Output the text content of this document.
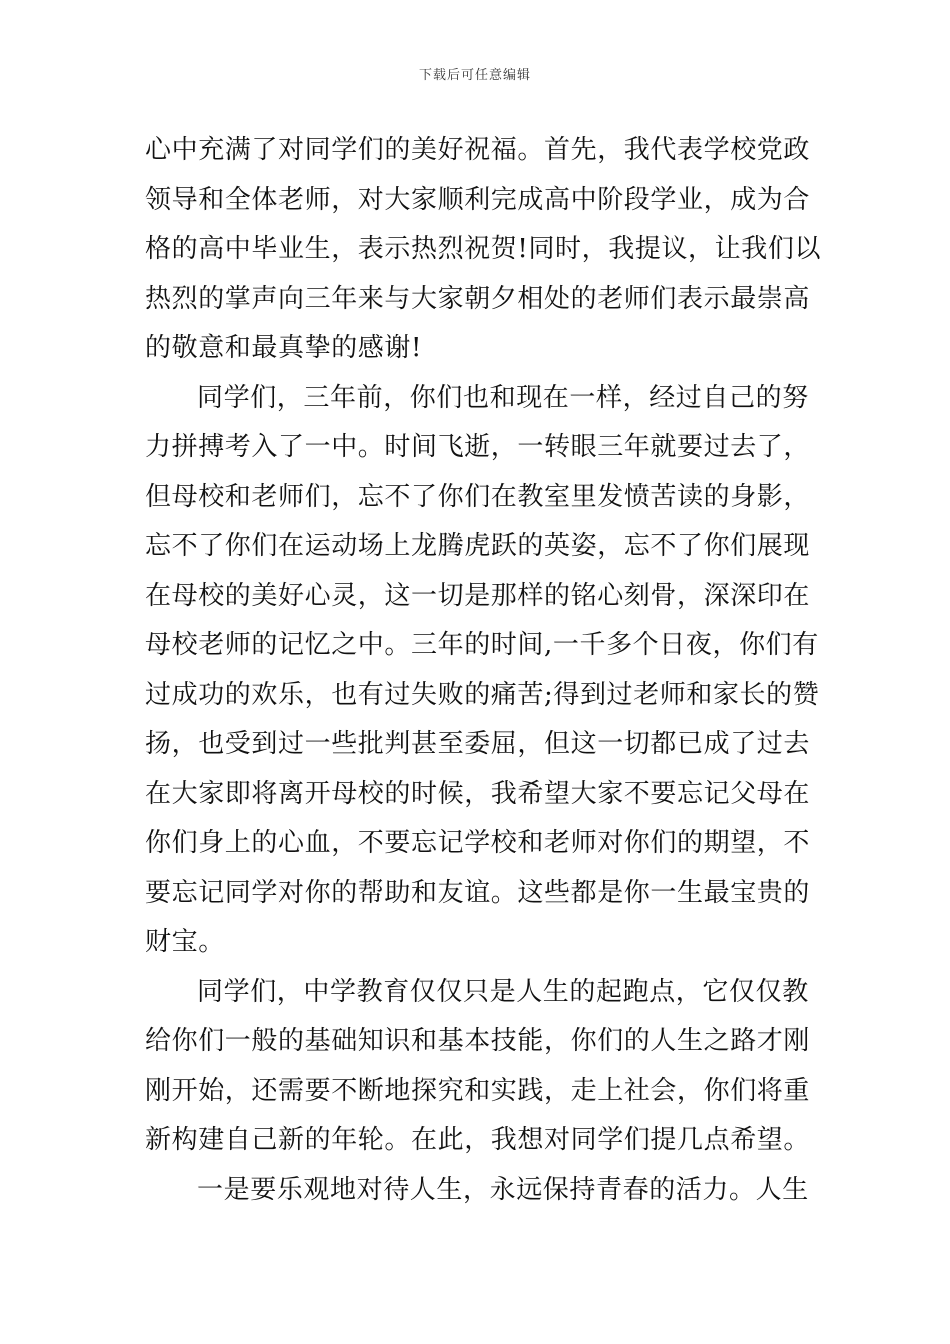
下载后可任意编辑
心中充满了对同学们的美好祝福。首先，我代表学校党政
领导和全体老师，对大家顺利完成高中阶段学业，成为合
格的高中毕业生，表示热烈祝贺!同时，我提议，让我们以
热烈的掌声向三年来与大家朝夕相处的老师们表示最崇高
的敬意和最真挚的感谢!
同学们，三年前，你们也和现在一样，经过自己的努
力拼搏考入了一中。时间飞逝，一转眼三年就要过去了，
但母校和老师们，忘不了你们在教室里发愤苦读的身影，
忘不了你们在运动场上龙腾虎跃的英姿，忘不了你们展现
在母校的美好心灵，这一切是那样的铭心刻骨，深深印在
母校老师的记忆之中。三年的时间,一千多个日夜，你们有
过成功的欢乐，也有过失败的痛苦;得到过老师和家长的赞
扬，也受到过一些批判甚至委屈，但这一切都已成了过去
在大家即将离开母校的时候，我希望大家不要忘记父母在
你们身上的心血，不要忘记学校和老师对你们的期望，不
要忘记同学对你的帮助和友谊。这些都是你一生最宝贵的
财宝。
同学们，中学教育仅仅只是人生的起跑点，它仅仅教
给你们一般的基础知识和基本技能，你们的人生之路才刚
刚开始，还需要不断地探究和实践，走上社会，你们将重
新构建自己新的年轮。在此，我想对同学们提几点希望。
一是要乐观地对待人生，永远保持青春的活力。人生
